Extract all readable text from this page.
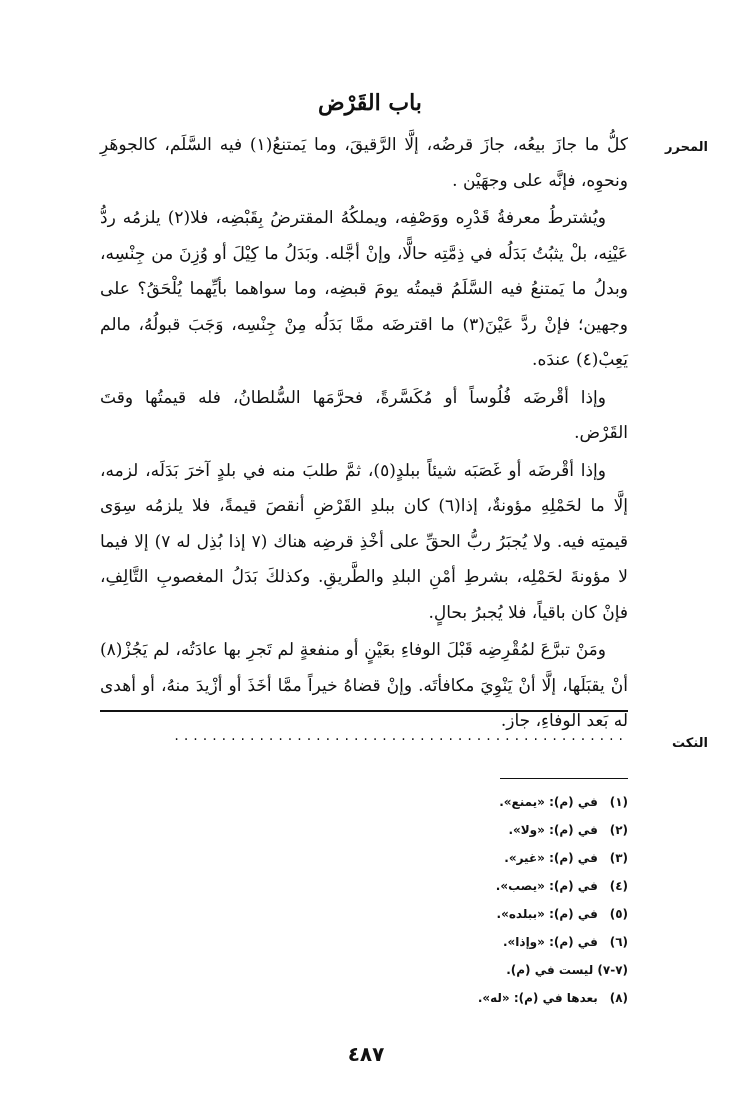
المحرر
باب القَرْض

كلُّ ما جازَ بيعُه، جازَ قرضُه، إلَّا الرَّقيقَ، وما يَمتنعُ(١) فيه السَّلَم، كالجوهَرِ ونحوِه، فإنَّه على وجهَيْن .

ويُشترطُ معرفةُ قَدْرِه ووَصْفِه، ويملكُهُ المقترضُ بِقَبْضِه، فلا(٢) يلزمُه ردُّ عَيْنِه، بلْ يثبُتُ بَدَلُه في ذِمَّتِه حالًّا، وإنْ أجَّله. وبَدَلُ ما كِيْلَ أو وُزِنَ من جِنْسِه، وبدلُ ما يَمتنعُ فيه السَّلَمُ قيمتُه يومَ قبضِه، وما سواهما بأيِّهما يُلْحَقُ؟ على وجهين؛ فإنْ ردَّ عَيْنَ(٣) ما اقترضَه ممَّا بَدَلُه مِنْ جِنْسِه، وَجَبَ قبولُهُ، مالم يَعِبْ(٤) عندَه.

وإذا أقْرضَه فُلُوساً أو مُكَسَّرةً، فحرَّمَها السُّلطانُ، فله قيمتُها وقتَ القَرْض.

وإذا أقْرضَه أو غَصَبَه شيئاً ببلدٍ(٥)، ثمَّ طلبَ منه في بلدٍ آخرَ بَدَلَه، لزمه، إلَّا ما لحَمْلِهِ مؤونةٌ، إذا(٦) كان ببلدِ القَرْضِ أنقصَ قيمةً، فلا يلزمُه سِوَى قيمتِه فيه. ولا يُجبَرُ ربُّ الحقِّ على أخْذِ قرضِه هناك (٧ إذا بُذِل له ٧) إلا فيما لا مؤونةَ لحَمْلِه، بشرطِ أمْنِ البلدِ والطَّريقِ. وكذلكَ بَدَلُ المغصوبِ التَّالِفِ، فإنْ كان باقياً، فلا يُجبرُ بحالٍ.

ومَنْ تبرَّعَ لمُقْرِضِه قَبْلَ الوفاءِ بعَيْنٍ أو منفعةٍ لم تَجرِ بها عادَتُه، لم يَجُزْ(٨) أنْ يقبَلَها، إلَّا أنْ يَنْوِيَ مكافأتَه. وإنْ قضاهُ خيراً ممَّا أخَذَ أو أزْيدَ منهُ، أو أهدى له بَعد الوفاءِ، جاز.

النكت
................................................
(١) في (م): «يمنع».
(٢) في (م): «ولا».
(٣) في (م): «غير».
(٤) في (م): «يصب».
(٥) في (م): «ببلده».
(٦) في (م): «وإذا».
(٧-٧) ليست في (م).
(٨) بعدها في (م): «له».
٤٨٧
